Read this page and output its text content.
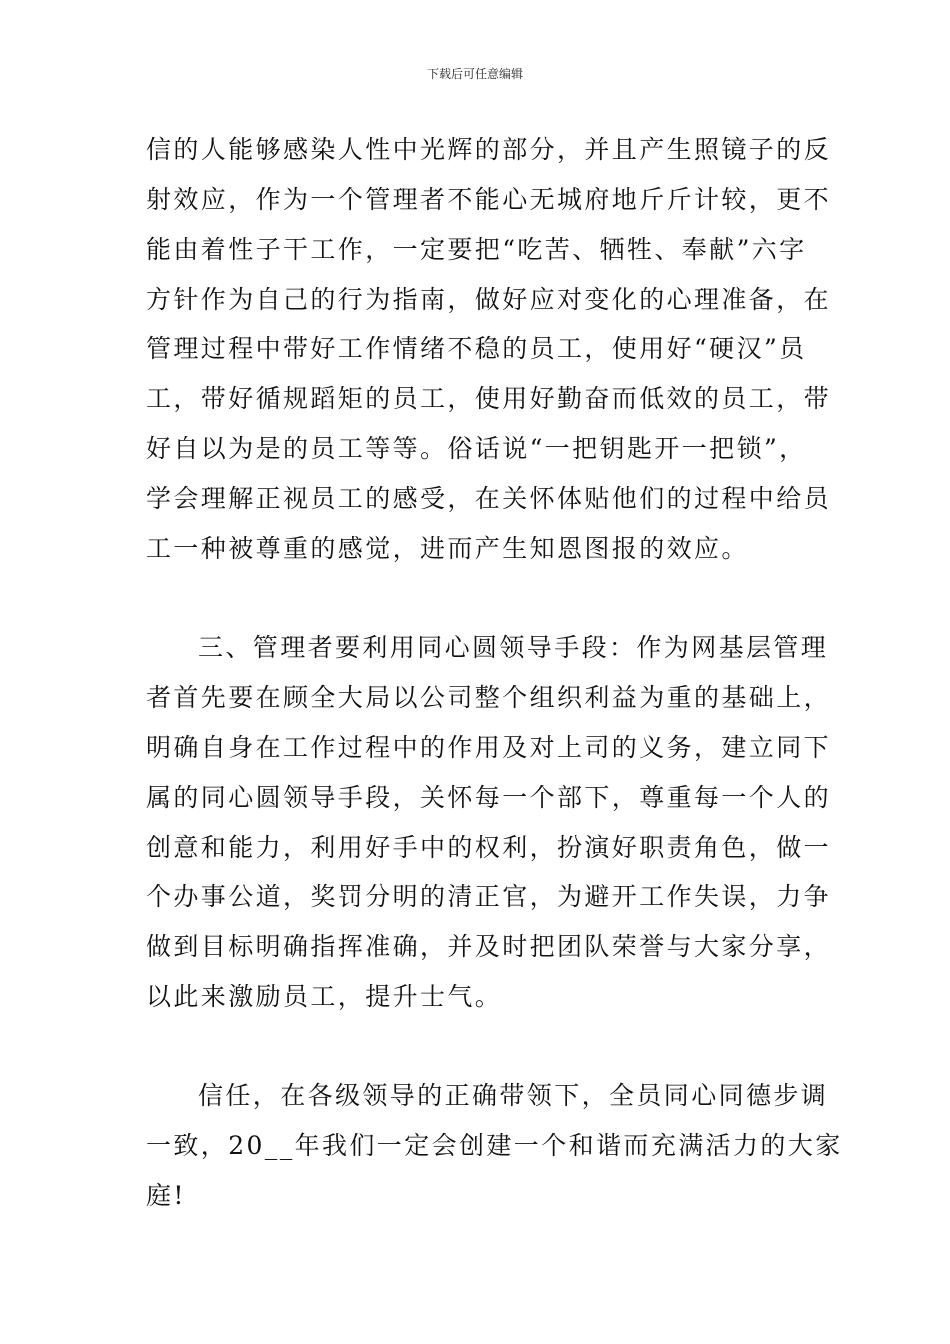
下载后可任意编辑
信的人能够感染人性中光辉的部分，并且产生照镜子的反
射效应，作为一个管理者不能心无城府地斤斤计较，更不
能由着性子干工作，一定要把“吃苦、牺牲、奉献”六字
方针作为自己的行为指南，做好应对变化的心理准备，在
管理过程中带好工作情绪不稳的员工，使用好“硬汉”员
工，带好循规蹈矩的员工，使用好勤奋而低效的员工，带
好自以为是的员工等等。俗话说“一把钥匙开一把锁”，
学会理解正视员工的感受，在关怀体贴他们的过程中给员
工一种被尊重的感觉，进而产生知恩图报的效应。
三、管理者要利用同心圆领导手段：作为网基层管理
者首先要在顾全大局以公司整个组织利益为重的基础上，
明确自身在工作过程中的作用及对上司的义务，建立同下
属的同心圆领导手段，关怀每一个部下，尊重每一个人的
创意和能力，利用好手中的权利，扮演好职责角色，做一
个办事公道，奖罚分明的清正官，为避开工作失误，力争
做到目标明确指挥准确，并及时把团队荣誉与大家分享，
以此来激励员工，提升士气。
信任，在各级领导的正确带领下，全员同心同德步调
一致，20__年我们一定会创建一个和谐而充满活力的大家
庭!
